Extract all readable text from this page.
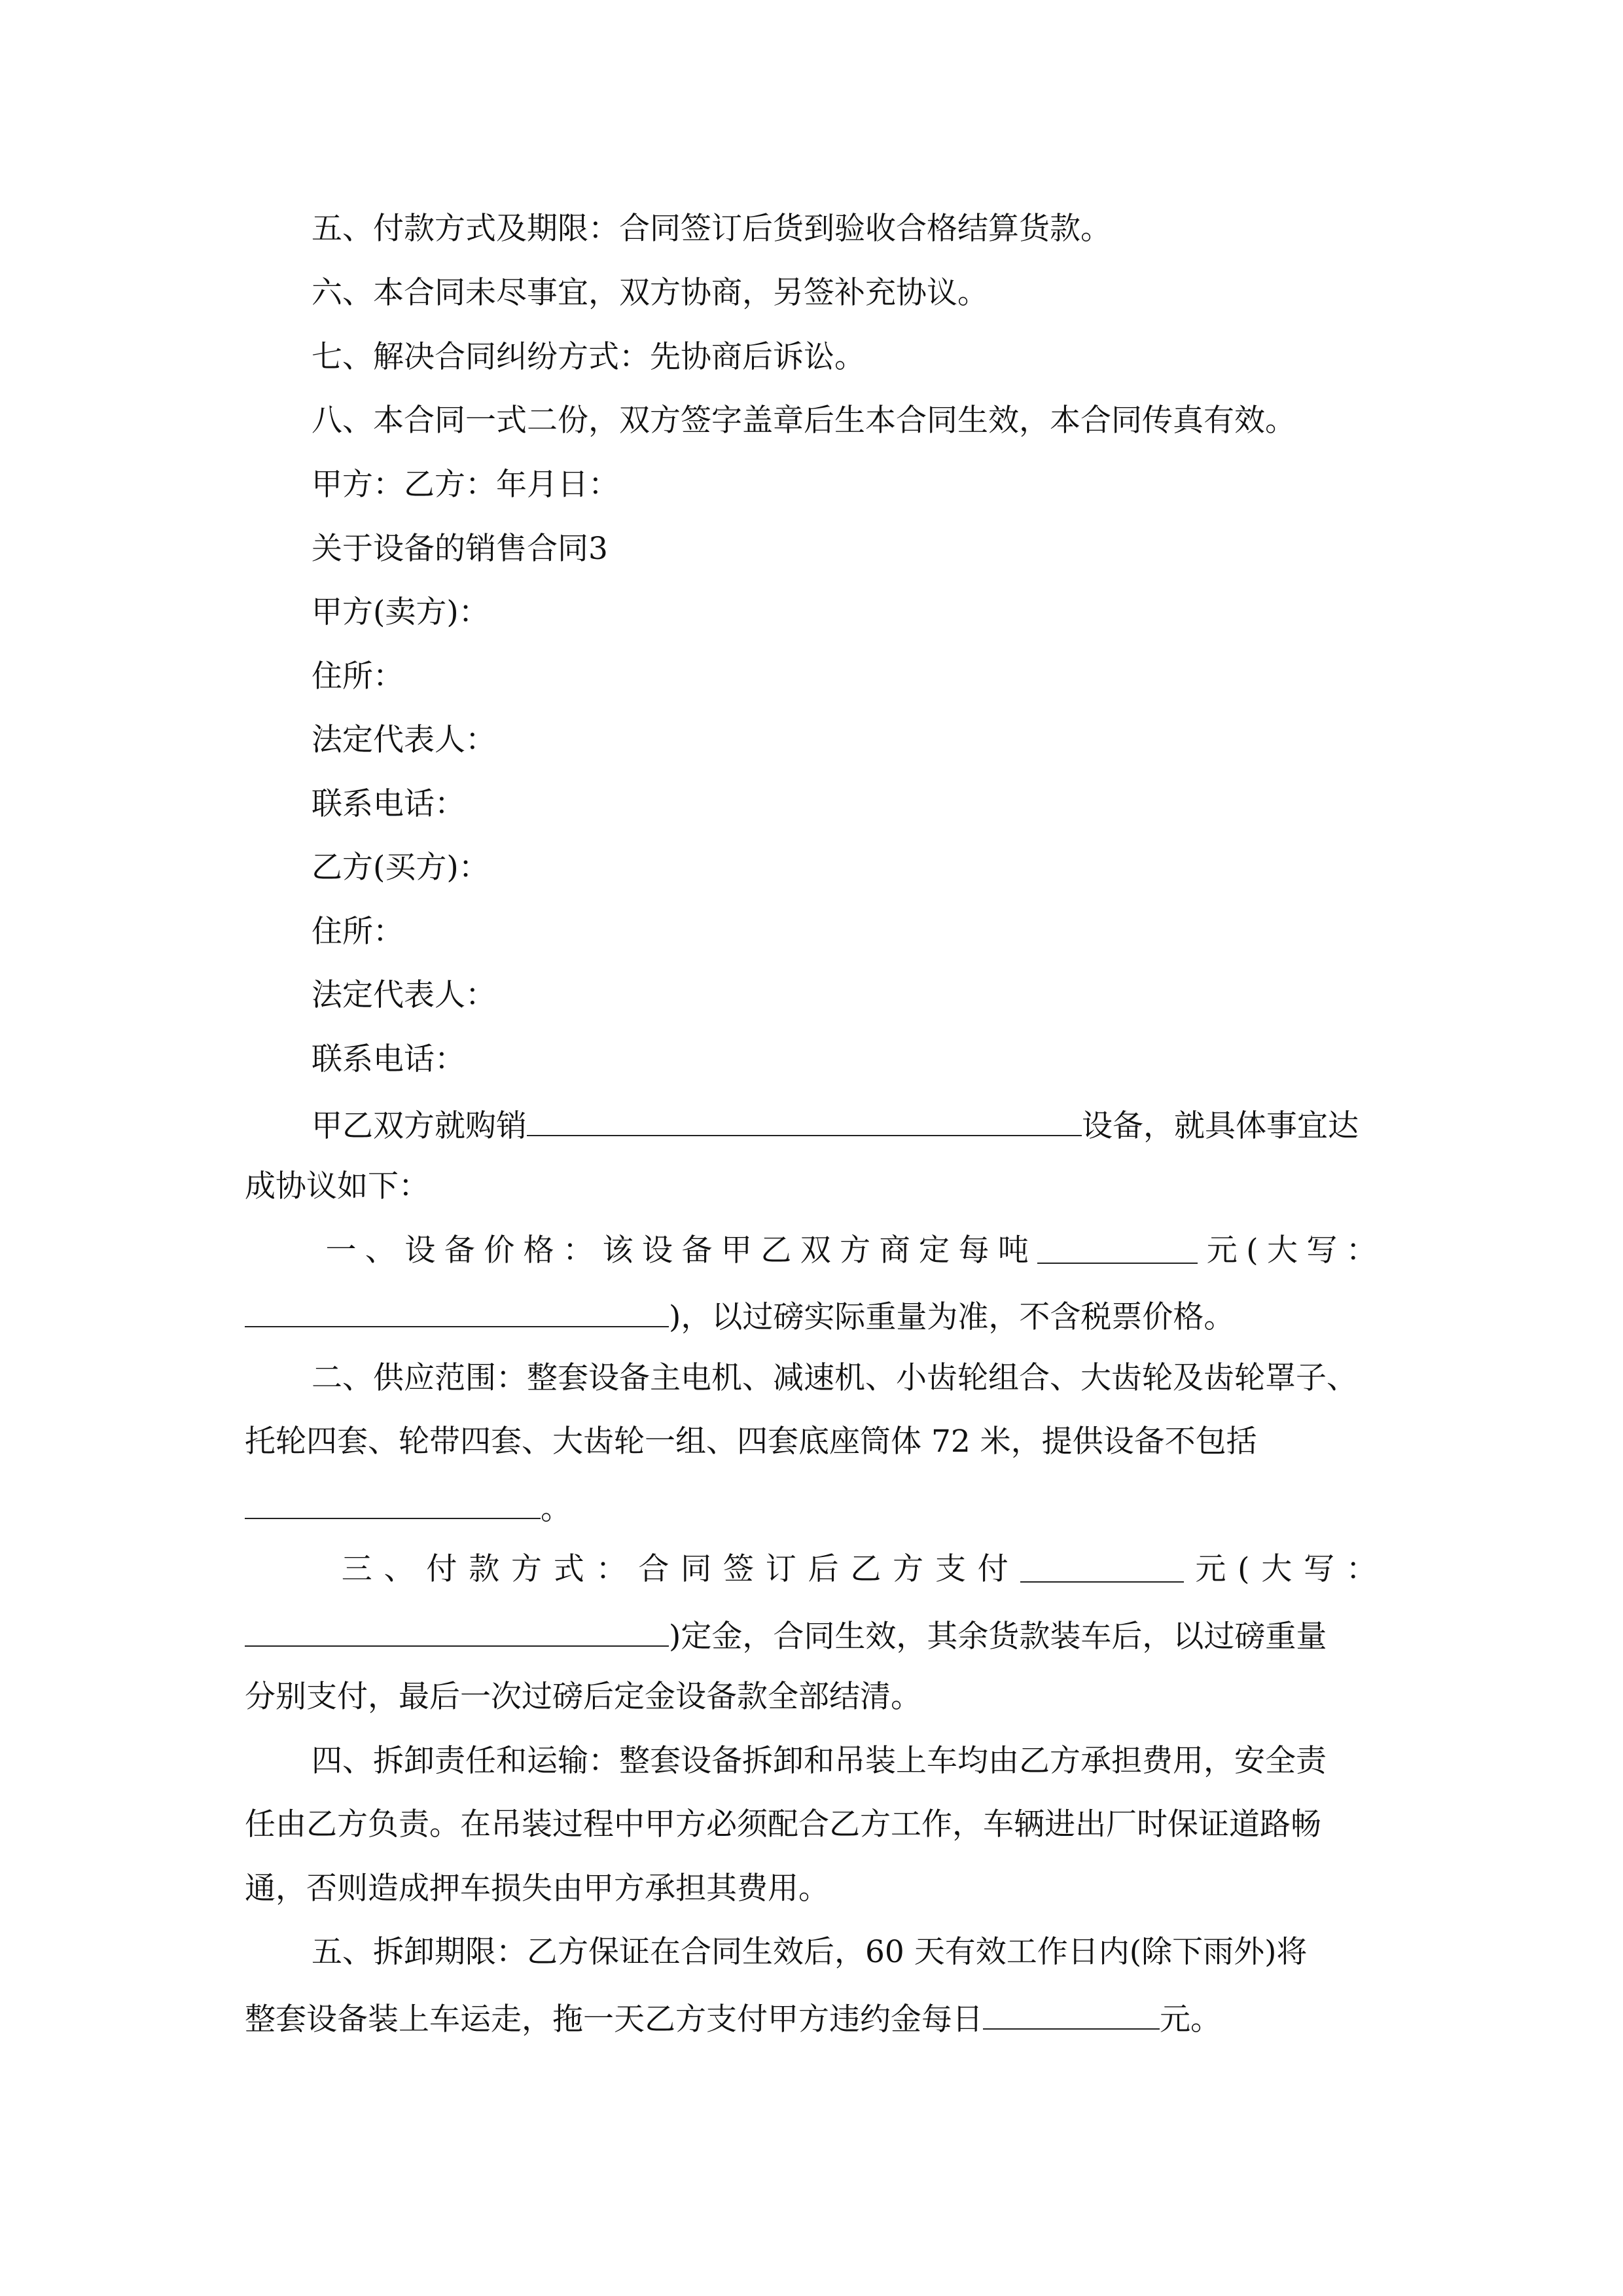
五、付款方式及期限：合同签订后货到验收合格结算货款。
六、本合同未尽事宜，双方协商，另签补充协议。
七、解决合同纠纷方式：先协商后诉讼。
八、本合同一式二份，双方签字盖章后生本合同生效，本合同传真有效。
甲方：乙方：年月日：
关于设备的销售合同3
甲方(卖方)：
住所：
法定代表人：
联系电话：
乙方(买方)：
住所：
法定代表人：
联系电话：
甲乙双方就购销	设备，就具体事宜达
成协议如下：
一 、 设 备 价 格 ： 该 设 备 甲 乙 双 方 商 定 每 吨	元 ( 大 写 ：
)，以过磅实际重量为准，不含税票价格。
二、供应范围：整套设备主电机、减速机、小齿轮组合、大齿轮及齿轮罩子、
托轮四套、轮带四套、大齿轮一组、四套底座筒体 72 米，提供设备不包括
。
三 、 付 款 方 式 ： 合 同 签 订 后 乙 方 支 付	元 ( 大 写 ：
)定金，合同生效，其余货款装车后，以过磅重量
分别支付，最后一次过磅后定金设备款全部结清。
四、拆卸责任和运输：整套设备拆卸和吊装上车均由乙方承担费用，安全责
任由乙方负责。在吊装过程中甲方必须配合乙方工作，车辆进出厂时保证道路畅
通，否则造成押车损失由甲方承担其费用。
五、拆卸期限：乙方保证在合同生效后，60 天有效工作日内(除下雨外)将
整套设备装上车运走，拖一天乙方支付甲方违约金每日	元。
